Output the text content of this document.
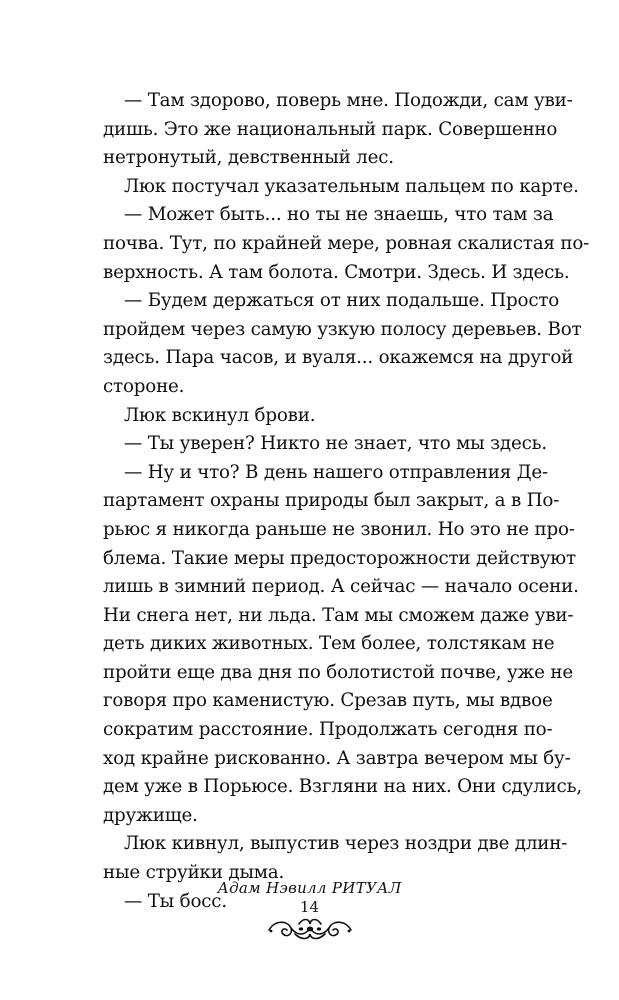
— Там здорово, поверь мне. Подожди, сам уви-
дишь. Это же национальный парк. Совершенно
нетронутый, девственный лес.
Люк постучал указательным пальцем по карте.
— Может быть... но ты не знаешь, что там за
почва. Тут, по крайней мере, ровная скалистая по-
верхность. А там болота. Смотри. Здесь. И здесь.
— Будем держаться от них подальше. Просто
пройдем через самую узкую полосу деревьев. Вот
здесь. Пара часов, и вуаля... окажемся на другой
стороне.
Люк вскинул брови.
— Ты уверен? Никто не знает, что мы здесь.
— Ну и что? В день нашего отправления Де-
партамент охраны природы был закрыт, а в По-
рьюс я никогда раньше не звонил. Но это не про-
блема. Такие меры предосторожности действуют
лишь в зимний период. А сейчас — начало осени.
Ни снега нет, ни льда. Там мы сможем даже уви-
деть диких животных. Тем более, толстякам не
пройти еще два дня по болотистой почве, уже не
говоря про каменистую. Срезав путь, мы вдвое
сократим расстояние. Продолжать сегодня по-
ход крайне рискованно. А завтра вечером мы бу-
дем уже в Порьюсе. Взгляни на них. Они сдулись,
дружище.
Люк кивнул, выпустив через ноздри две длин-
ные струйки дыма.
— Ты босс.
Адам Нэвилл РИТУАЛ
14
